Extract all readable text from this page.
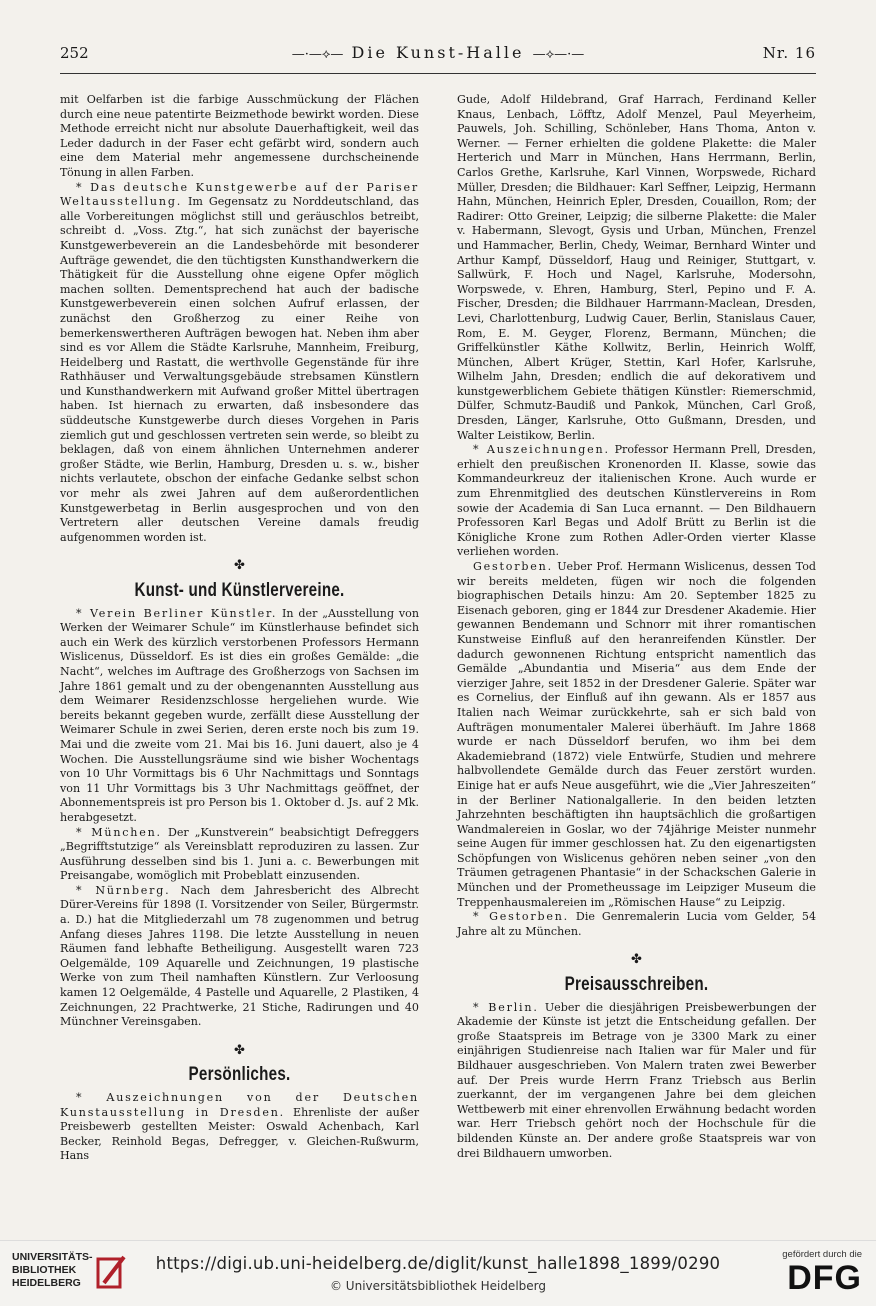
252	—·—⟡— Die Kunst-Halle —⟡—·—	Nr. 16

mit Oelfarben ist die farbige Ausschmückung der Flächen durch eine neue patentirte Beizmethode bewirkt worden. Diese Methode erreicht nicht nur absolute Dauerhaftigkeit, weil das Leder dadurch in der Faser echt gefärbt wird, sondern auch eine dem Material mehr angemessene durchscheinende Tönung in allen Farben.

* Das deutsche Kunstgewerbe auf der Pariser Weltausstellung. Im Gegensatz zu Norddeutschland, das alle Vorbereitungen möglichst still und geräuschlos betreibt, schreibt d. „Voss. Ztg.“, hat sich zunächst der bayerische Kunstgewerbeverein an die Landesbehörde mit besonderer Aufträge gewendet, die den tüchtigsten Kunsthandwerkern die Thätigkeit für die Ausstellung ohne eigene Opfer möglich machen sollten. Dementsprechend hat auch der badische Kunstgewerbeverein einen solchen Aufruf erlassen, der zunächst den Großherzog zu einer Reihe von bemerkenswertheren Aufträgen bewogen hat. Neben ihm aber sind es vor Allem die Städte Karlsruhe, Mannheim, Freiburg, Heidelberg und Rastatt, die werthvolle Gegenstände für ihre Rathhäuser und Verwaltungsgebäude strebsamen Künstlern und Kunsthandwerkern mit Aufwand großer Mittel übertragen haben. Ist hiernach zu erwarten, daß insbesondere das süddeutsche Kunstgewerbe durch dieses Vorgehen in Paris ziemlich gut und geschlossen vertreten sein werde, so bleibt zu beklagen, daß von einem ähnlichen Unternehmen anderer großer Städte, wie Berlin, Hamburg, Dresden u. s. w., bisher nichts verlautete, obschon der einfache Gedanke selbst schon vor mehr als zwei Jahren auf dem außerordentlichen Kunstgewerbetag in Berlin ausgesprochen und von den Vertretern aller deutschen Vereine damals freudig aufgenommen worden ist.

✤
Kunst- und Künstlervereine.

* Verein Berliner Künstler. In der „Ausstellung von Werken der Weimarer Schule“ im Künstlerhause befindet sich auch ein Werk des kürzlich verstorbenen Professors Hermann Wislicenus, Düsseldorf. Es ist dies ein großes Gemälde: „die Nacht“, welches im Auftrage des Großherzogs von Sachsen im Jahre 1861 gemalt und zu der obengenannten Ausstellung aus dem Weimarer Residenzschlosse hergeliehen wurde. Wie bereits bekannt gegeben wurde, zerfällt diese Ausstellung der Weimarer Schule in zwei Serien, deren erste noch bis zum 19. Mai und die zweite vom 21. Mai bis 16. Juni dauert, also je 4 Wochen. Die Ausstellungsräume sind wie bisher Wochentags von 10 Uhr Vormittags bis 6 Uhr Nachmittags und Sonntags von 11 Uhr Vormittags bis 3 Uhr Nachmittags geöffnet, der Abonnementspreis ist pro Person bis 1. Oktober d. Js. auf 2 Mk. herabgesetzt.

* München. Der „Kunstverein“ beabsichtigt Defreggers „Begrifftstutzige“ als Vereinsblatt reproduziren zu lassen. Zur Ausführung desselben sind bis 1. Juni a. c. Bewerbungen mit Preisangabe, womöglich mit Probeblatt einzusenden.

* Nürnberg. Nach dem Jahresbericht des Albrecht Dürer-Vereins für 1898 (I. Vorsitzender von Seiler, Bürgermstr. a. D.) hat die Mitgliederzahl um 78 zugenommen und betrug Anfang dieses Jahres 1198. Die letzte Ausstellung in neuen Räumen fand lebhafte Betheiligung. Ausgestellt waren 723 Oelgemälde, 109 Aquarelle und Zeichnungen, 19 plastische Werke von zum Theil namhaften Künstlern. Zur Verloosung kamen 12 Oelgemälde, 4 Pastelle und Aquarelle, 2 Plastiken, 4 Zeichnungen, 22 Prachtwerke, 21 Stiche, Radirungen und 40 Münchner Vereinsgaben.

✤
Persönliches.

* Auszeichnungen von der Deutschen Kunstausstellung in Dresden. Ehrenliste der außer Preisbewerb gestellten Meister: Oswald Achenbach, Karl Becker, Reinhold Begas, Defregger, v. Gleichen-Rußwurm, Hans

Gude, Adolf Hildebrand, Graf Harrach, Ferdinand Keller Knaus, Lenbach, Löfftz, Adolf Menzel, Paul Meyerheim, Pauwels, Joh. Schilling, Schönleber, Hans Thoma, Anton v. Werner. — Ferner erhielten die goldene Plakette: die Maler Herterich und Marr in München, Hans Herrmann, Berlin, Carlos Grethe, Karlsruhe, Karl Vinnen, Worpswede, Richard Müller, Dresden; die Bildhauer: Karl Seffner, Leipzig, Hermann Hahn, München, Heinrich Epler, Dresden, Couaillon, Rom; der Radirer: Otto Greiner, Leipzig; die silberne Plakette: die Maler v. Habermann, Slevogt, Gysis und Urban, München, Frenzel und Hammacher, Berlin, Chedy, Weimar, Bernhard Winter und Arthur Kampf, Düsseldorf, Haug und Reiniger, Stuttgart, v. Sallwürk, F. Hoch und Nagel, Karlsruhe, Modersohn, Worpswede, v. Ehren, Hamburg, Sterl, Pepino und F. A. Fischer, Dresden; die Bildhauer Harrmann-Maclean, Dresden, Levi, Charlottenburg, Ludwig Cauer, Berlin, Stanislaus Cauer, Rom, E. M. Geyger, Florenz, Bermann, München; die Griffelkünstler Käthe Kollwitz, Berlin, Heinrich Wolff, München, Albert Krüger, Stettin, Karl Hofer, Karlsruhe, Wilhelm Jahn, Dresden; endlich die auf dekorativem und kunstgewerblichem Gebiete thätigen Künstler: Riemerschmid, Dülfer, Schmutz-Baudiß und Pankok, München, Carl Groß, Dresden, Länger, Karlsruhe, Otto Gußmann, Dresden, und Walter Leistikow, Berlin.

* Auszeichnungen. Professor Hermann Prell, Dresden, erhielt den preußischen Kronenorden II. Klasse, sowie das Kommandeurkreuz der italienischen Krone. Auch wurde er zum Ehrenmitglied des deutschen Künstlervereins in Rom sowie der Academia di San Luca ernannt. — Den Bildhauern Professoren Karl Begas und Adolf Brütt zu Berlin ist die Königliche Krone zum Rothen Adler-Orden vierter Klasse verliehen worden.

Gestorben. Ueber Prof. Hermann Wislicenus, dessen Tod wir bereits meldeten, fügen wir noch die folgenden biographischen Details hinzu: Am 20. September 1825 zu Eisenach geboren, ging er 1844 zur Dresdener Akademie. Hier gewannen Bendemann und Schnorr mit ihrer romantischen Kunstweise Einfluß auf den heranreifenden Künstler. Der dadurch gewonnenen Richtung entspricht namentlich das Gemälde „Abundantia und Miseria“ aus dem Ende der vierziger Jahre, seit 1852 in der Dresdener Galerie. Später war es Cornelius, der Einfluß auf ihn gewann. Als er 1857 aus Italien nach Weimar zurückkehrte, sah er sich bald von Aufträgen monumentaler Malerei überhäuft. Im Jahre 1868 wurde er nach Düsseldorf berufen, wo ihm bei dem Akademiebrand (1872) viele Entwürfe, Studien und mehrere halbvollendete Gemälde durch das Feuer zerstört wurden. Einige hat er aufs Neue ausgeführt, wie die „Vier Jahreszeiten“ in der Berliner Nationalgallerie. In den beiden letzten Jahrzehnten beschäftigten ihn hauptsächlich die großartigen Wandmalereien in Goslar, wo der 74jährige Meister nunmehr seine Augen für immer geschlossen hat. Zu den eigenartigsten Schöpfungen von Wislicenus gehören neben seiner „von den Träumen getragenen Phantasie“ in der Schackschen Galerie in München und der Prometheussage im Leipziger Museum die Treppenhausmalereien im „Römischen Hause“ zu Leipzig.

* Gestorben. Die Genremalerin Lucia vom Gelder, 54 Jahre alt zu München.

✤
Preisausschreiben.

* Berlin. Ueber die diesjährigen Preisbewerbungen der Akademie der Künste ist jetzt die Entscheidung gefallen. Der große Staatspreis im Betrage von je 3300 Mark zu einer einjährigen Studienreise nach Italien war für Maler und für Bildhauer ausgeschrieben. Von Malern traten zwei Bewerber auf. Der Preis wurde Herrn Franz Triebsch aus Berlin zuerkannt, der im vergangenen Jahre bei dem gleichen Wettbewerb mit einer ehrenvollen Erwähnung bedacht worden war. Herr Triebsch gehört noch der Hochschule für die bildenden Künste an. Der andere große Staatspreis war von drei Bildhauern umworben.

UNIVERSITÄTS-
BIBLIOTHEK
HEIDELBERG
https://digi.ub.uni-heidelberg.de/diglit/kunst_halle1898_1899/0290
© Universitätsbibliothek Heidelberg
gefördert durch die
DFG
